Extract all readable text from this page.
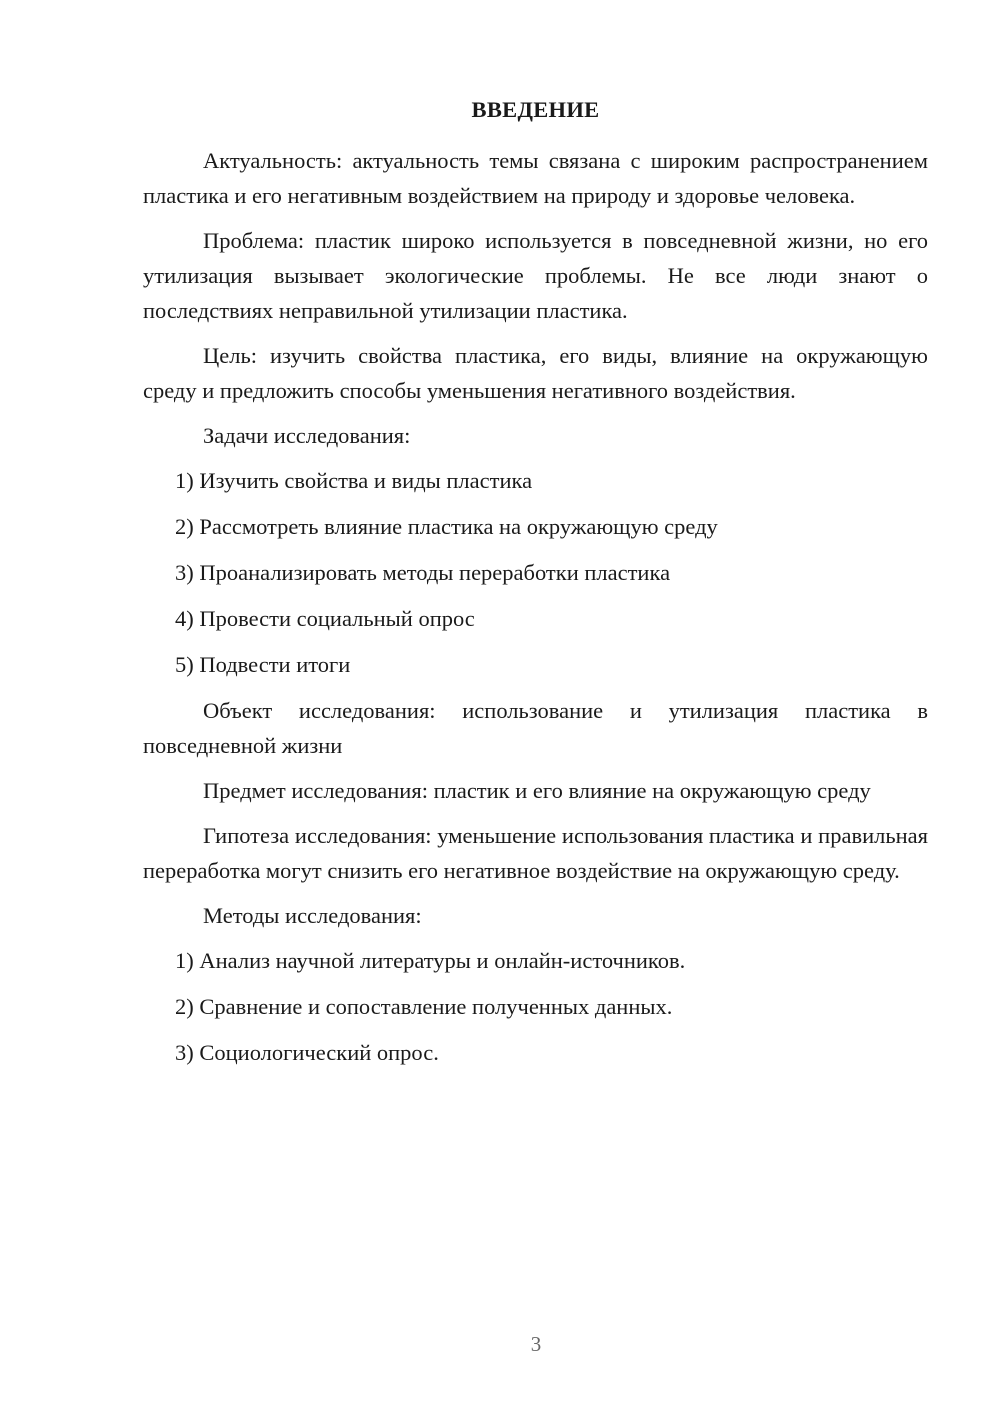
ВВЕДЕНИЕ

Актуальность: актуальность темы связана с широким распространением пластика и его негативным воздействием на природу и здоровье человека.

Проблема: пластик широко используется в повседневной жизни, но его утилизация вызывает экологические проблемы. Не все люди знают о последствиях неправильной утилизации пластика.

Цель: изучить свойства пластика, его виды, влияние на окружающую среду и предложить способы уменьшения негативного воздействия.

Задачи исследования:

1) Изучить свойства и виды пластика
2) Рассмотреть влияние пластика на окружающую среду
3) Проанализировать методы переработки пластика
4) Провести социальный опрос
5) Подвести итоги

Объект исследования: использование и утилизация пластика в повседневной жизни

Предмет исследования: пластик и его влияние на окружающую среду

Гипотеза исследования: уменьшение использования пластика и правильная переработка могут снизить его негативное воздействие на окружающую среду.

Методы исследования:

1) Анализ научной литературы и онлайн-источников.
2) Сравнение и сопоставление полученных данных.
3) Социологический опрос.
3
